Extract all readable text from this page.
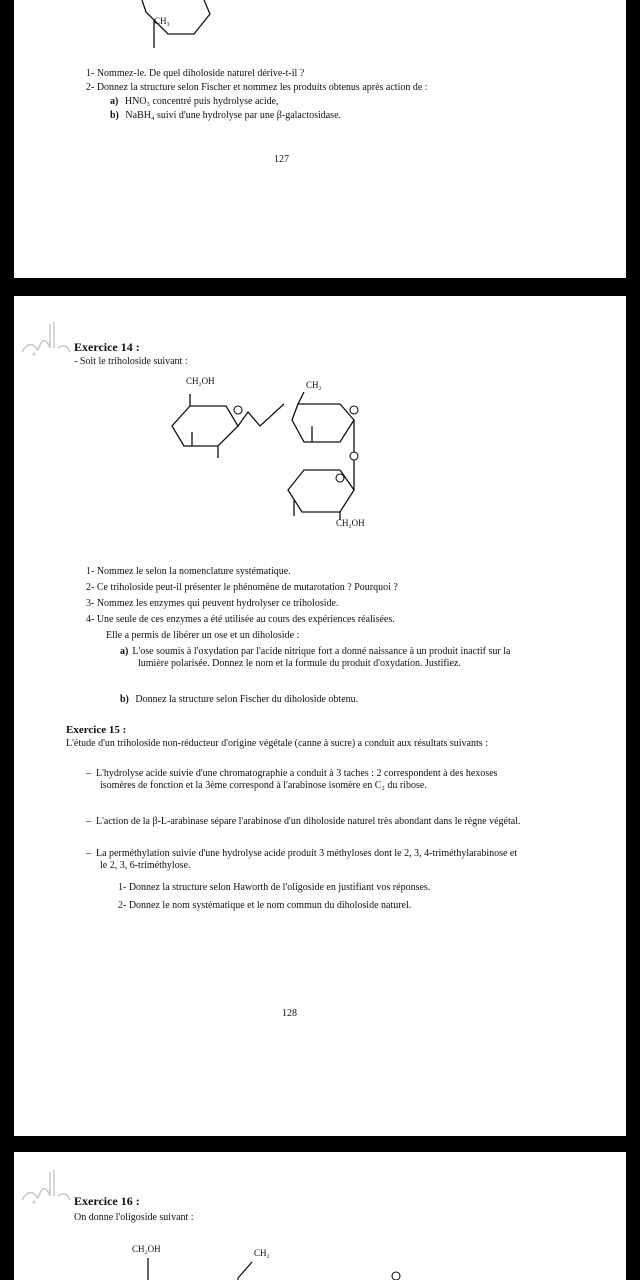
CH₃
1- Nommez-le. De quel diholoside naturel dérive-t-il ?
2- Donnez la structure selon Fischer et nommez les produits obtenus après action de :
a) HNO₃ concentré puis hydrolyse acide,
b) NaBH₄ suivi d'une hydrolyse par une β-galactosidase.
127
Exercice 14 :
- Soit le triholoside suivant :
CH₂OH	CH₂
CH₂OH
1- Nommez le selon la nomenclature systématique.
2- Ce triholoside peut-il présenter le phénomène de mutarotation ? Pourquoi ?
3- Nommez les enzymes qui peuvent hydrolyser ce triholoside.
4- Une seule de ces enzymes a été utilisée au cours des expériences réalisées.
Elle a permis de libérer un ose et un diholoside :
a) L'ose soumis à l'oxydation par l'acide nitrique fort a donné naissance à un produit inactif sur la lumière polarisée. Donnez le nom et la formule du produit d'oxydation. Justifiez.
b) Donnez la structure selon Fischer du diholoside obtenu.
Exercice 15 :
L'étude d'un triholoside non-réducteur d'origine végétale (canne à sucre) a conduit aux résultats suivants :
–  L'hydrolyse acide suivie d'une chromatographie a conduit à 3 taches : 2 correspondent à des hexoses isomères de fonction et la 3ème correspond à l'arabinose isomère en C₂ du ribose.
–  L'action de la β-L-arabinase sépare l'arabinose d'un diholoside naturel très abondant dans le règne végétal.
–  La perméthylation suivie d'une hydrolyse acide produit 3 méthyloses dont le 2, 3, 4-triméthylarabinose et le 2, 3, 6-triméthylose.
1- Donnez la structure selon Haworth de l'oligoside en justifiant vos réponses.
2- Donnez le nom systématique et le nom commun du diholoside naturel.
128
Exercice 16 :
On donne l'oligoside suivant :
CH₂OH	CH₂
